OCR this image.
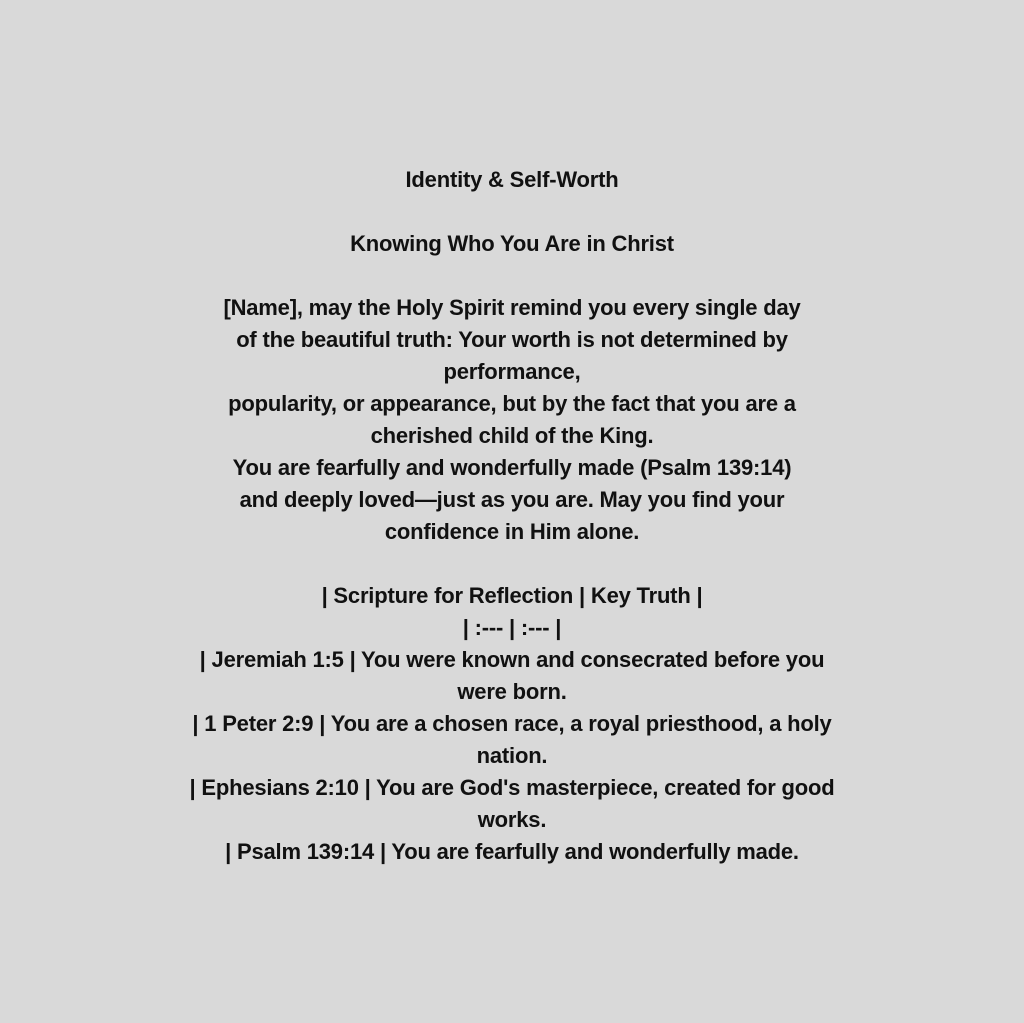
Identity & Self-Worth
Knowing Who You Are in Christ
[Name], may the Holy Spirit remind you every single day
of the beautiful truth: Your worth is not determined by
performance,
popularity, or appearance, but by the fact that you are a
cherished child of the King.
You are fearfully and wonderfully made (Psalm 139:14)
and deeply loved—just as you are. May you find your
confidence in Him alone.
| Scripture for Reflection | Key Truth |
| :--- | :--- |
| Jeremiah 1:5 | You were known and consecrated before you
were born.
| 1 Peter 2:9 | You are a chosen race, a royal priesthood, a holy
nation.
| Ephesians 2:10 | You are God's masterpiece, created for good
works.
| Psalm 139:14 | You are fearfully and wonderfully made.
